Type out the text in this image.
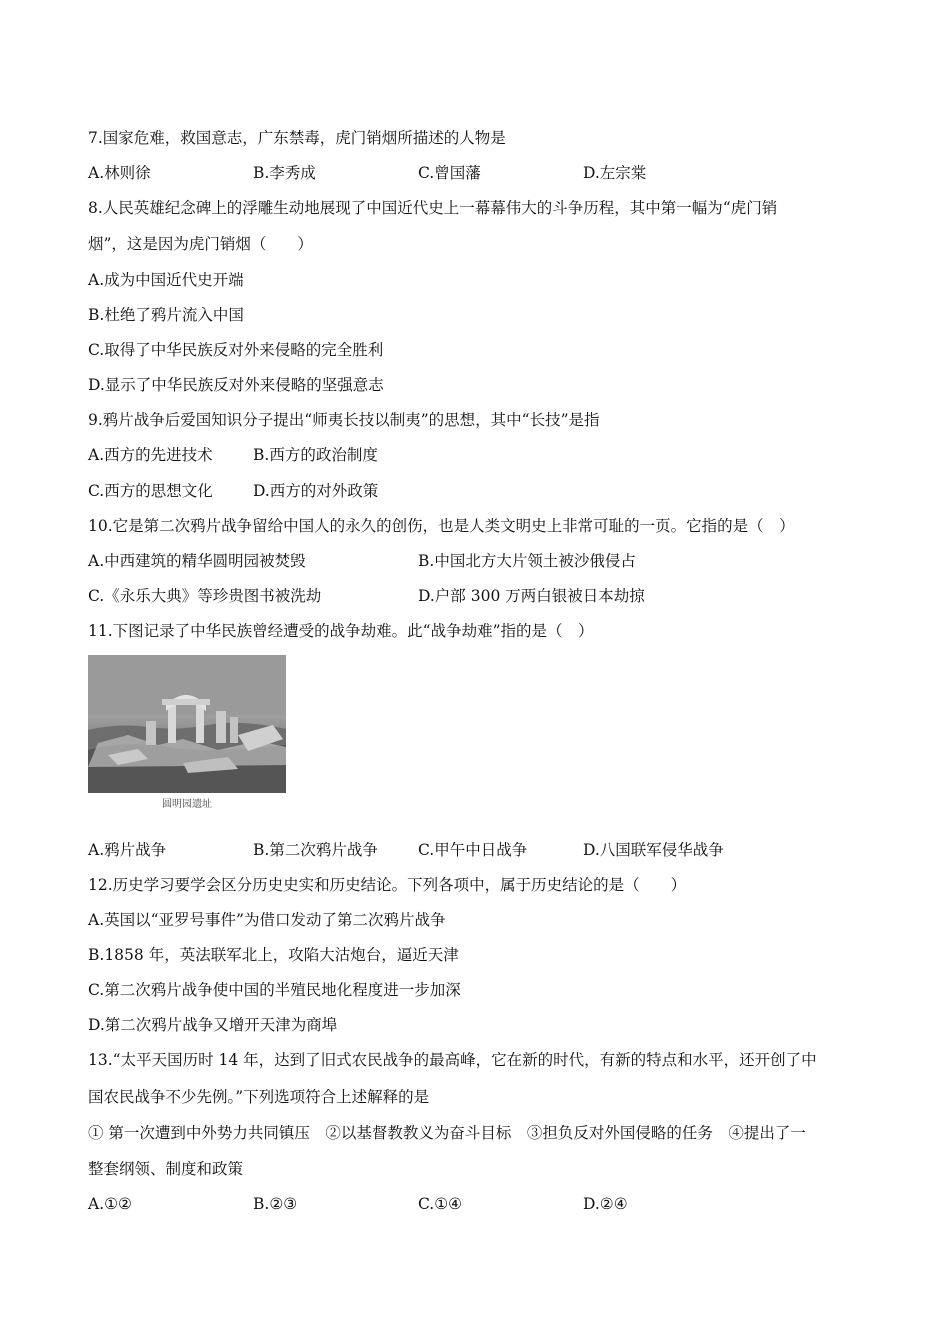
7.国家危难，救国意志，广东禁毒，虎门销烟所描述的人物是
A.林则徐	B.李秀成	C.曾国藩	D.左宗棠
8.人民英雄纪念碑上的浮雕生动地展现了中国近代史上一幕幕伟大的斗争历程，其中第一幅为“虎门销
烟”，这是因为虎门销烟（　　）
A.成为中国近代史开端
B.杜绝了鸦片流入中国
C.取得了中华民族反对外来侵略的完全胜利
D.显示了中华民族反对外来侵略的坚强意志
9.鸦片战争后爱国知识分子提出“师夷长技以制夷”的思想，其中“长技”是指
A.西方的先进技术	B.西方的政治制度
C.西方的思想文化	D.西方的对外政策
10.它是第二次鸦片战争留给中国人的永久的创伤，也是人类文明史上非常可耻的一页。它指的是（　）
A.中西建筑的精华圆明园被焚毁	B.中国北方大片领土被沙俄侵占
C.《永乐大典》等珍贵图书被洗劫	D.户部 300 万两白银被日本劫掠
11.下图记录了中华民族曾经遭受的战争劫难。此“战争劫难”指的是（　）
圆明园遗址
A.鸦片战争	B.第二次鸦片战争	C.甲午中日战争	D.八国联军侵华战争
12.历史学习要学会区分历史史实和历史结论。下列各项中，属于历史结论的是（　　）
A.英国以“亚罗号事件”为借口发动了第二次鸦片战争
B.1858 年，英法联军北上，攻陷大沽炮台，逼近天津
C.第二次鸦片战争使中国的半殖民地化程度进一步加深
D.第二次鸦片战争又增开天津为商埠
13.“太平天国历时 14 年，达到了旧式农民战争的最高峰，它在新的时代，有新的特点和水平，还开创了中
国农民战争不少先例。”下列选项符合上述解释的是
① 第一次遭到中外势力共同镇压　②以基督教教义为奋斗目标　③担负反对外国侵略的任务　④提出了一
整套纲领、制度和政策
A.①②	B.②③	C.①④	D.②④
